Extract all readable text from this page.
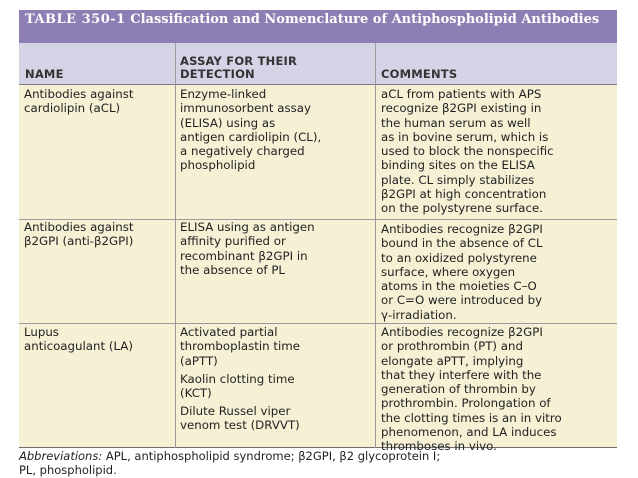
TABLE 350-1 Classification and Nomenclature of Antiphospholipid Antibodies
NAME
ASSAY FOR THEIR
DETECTION	COMMENTS
Antibodies against
cardiolipin (aCL)
Enzyme-linked
immunosorbent assay
(ELISA) using as
antigen cardiolipin (CL),
a negatively charged
phospholipid
aCL from patients with APS
recognize β2GPI existing in
the human serum as well
as in bovine serum, which is
used to block the nonspecific
binding sites on the ELISA
plate. CL simply stabilizes
β2GPI at high concentration
on the polystyrene surface.
Antibodies against
β2GPI (anti-β2GPI)
ELISA using as antigen
affinity purified or
recombinant β2GPI in
the absence of PL
Antibodies recognize β2GPI
bound in the absence of CL
to an oxidized polystyrene
surface, where oxygen
atoms in the moieties C–O
or C=O were introduced by
γ-irradiation.
Lupus
anticoagulant (LA)
Activated partial
thromboplastin time
(aPTT)
Kaolin clotting time
(KCT)
Dilute Russel viper
venom test (DRVVT)
Antibodies recognize β2GPI
or prothrombin (PT) and
elongate aPTT, implying
that they interfere with the
generation of thrombin by
prothrombin. Prolongation of
the clotting times is an in vitro
phenomenon, and LA induces
thromboses in vivo.
Abbreviations: APL, antiphospholipid syndrome; β2GPI, β2 glycoprotein I;
PL, phospholipid.
